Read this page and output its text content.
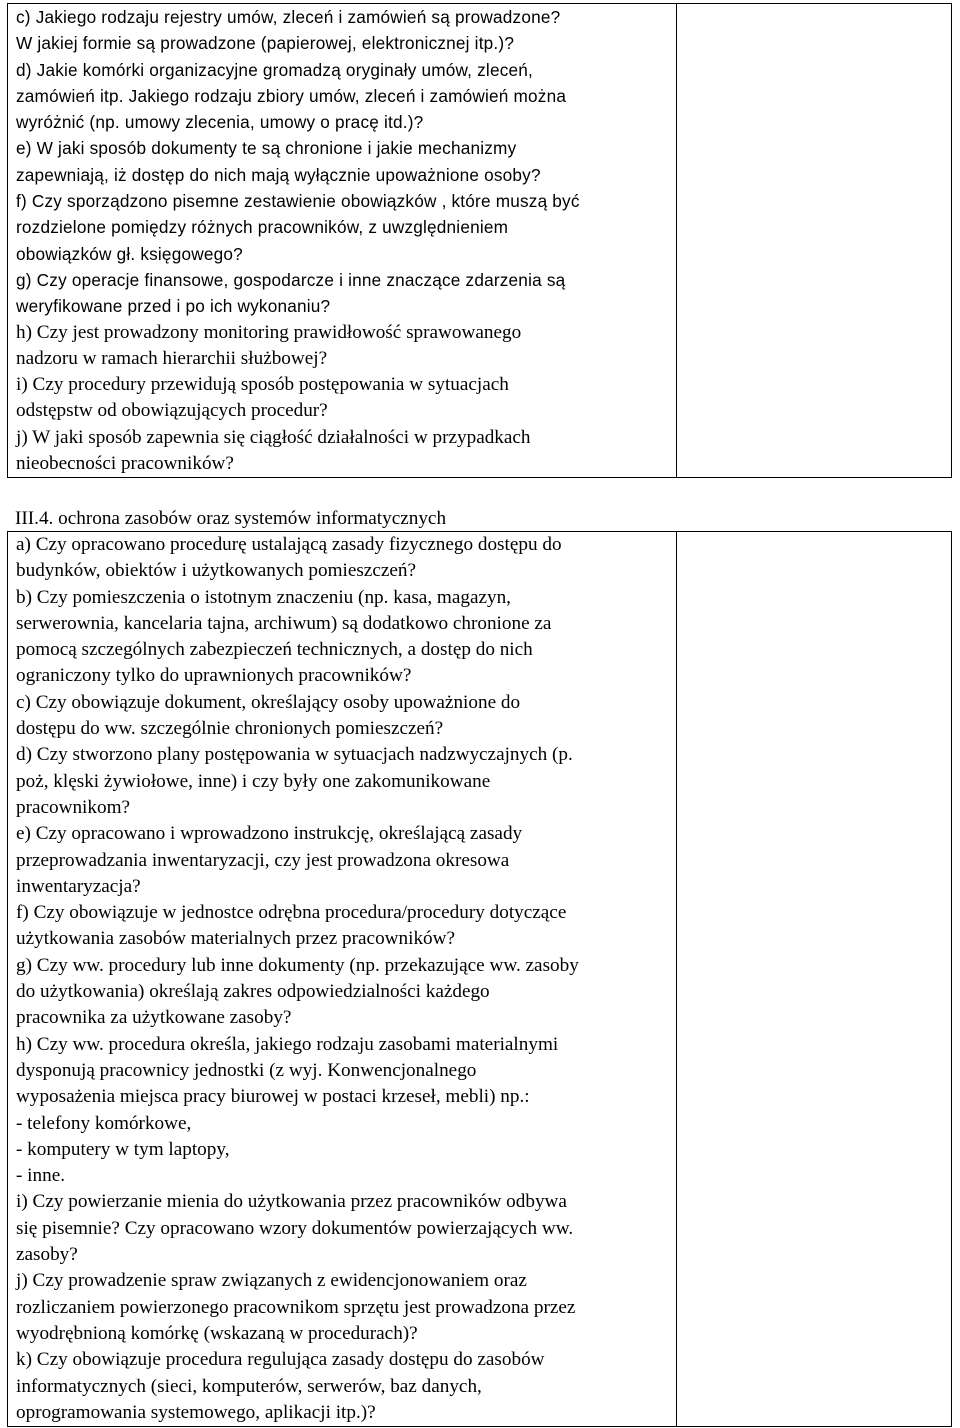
c) Jakiego rodzaju rejestry umów, zleceń i zamówień są prowadzone?
W jakiej formie są prowadzone (papierowej, elektronicznej itp.)?
d) Jakie komórki organizacyjne gromadzą oryginały umów, zleceń,
zamówień itp. Jakiego rodzaju zbiory umów, zleceń i zamówień można
wyróżnić (np. umowy zlecenia, umowy o pracę itd.)?
e) W jaki sposób dokumenty te są chronione i jakie mechanizmy
zapewniają, iż dostęp do nich mają wyłącznie upoważnione osoby?
f) Czy sporządzono pisemne zestawienie obowiązków , które muszą być
rozdzielone pomiędzy różnych pracowników, z uwzględnieniem
obowiązków gł. księgowego?
g) Czy operacje finansowe, gospodarcze i inne znaczące zdarzenia są
weryfikowane przed i po ich wykonaniu?
h) Czy jest prowadzony monitoring prawidłowość sprawowanego
nadzoru w ramach hierarchii służbowej?
i) Czy procedury przewidują sposób postępowania w sytuacjach
odstępstw od obowiązujących procedur?
j) W jaki sposób zapewnia się ciągłość działalności w przypadkach
nieobecności pracowników?

III.4. ochrona zasobów oraz systemów informatycznych
a) Czy opracowano procedurę ustalającą zasady fizycznego dostępu do
budynków, obiektów i użytkowanych pomieszczeń?
b) Czy pomieszczenia o istotnym znaczeniu (np. kasa, magazyn,
serwerownia, kancelaria tajna, archiwum) są dodatkowo chronione za
pomocą szczególnych zabezpieczeń technicznych, a dostęp do nich
ograniczony tylko do uprawnionych pracowników?
c) Czy obowiązuje dokument, określający osoby upoważnione do
dostępu do ww. szczególnie chronionych pomieszczeń?
d) Czy stworzono plany postępowania w sytuacjach nadzwyczajnych (p.
poż, klęski żywiołowe, inne) i czy były one zakomunikowane
pracownikom?
e) Czy opracowano i wprowadzono instrukcję, określającą zasady
przeprowadzania inwentaryzacji, czy jest prowadzona okresowa
inwentaryzacja?
f) Czy obowiązuje w jednostce odrębna procedura/procedury dotyczące
użytkowania zasobów materialnych przez pracowników?
g) Czy ww. procedury lub inne dokumenty (np. przekazujące ww. zasoby
do użytkowania) określają zakres odpowiedzialności każdego
pracownika za użytkowane zasoby?
h) Czy ww. procedura określa, jakiego rodzaju zasobami materialnymi
dysponują pracownicy jednostki (z wyj. Konwencjonalnego
wyposażenia miejsca pracy biurowej w postaci krzeseł, mebli) np.:
- telefony komórkowe,
- komputery w tym laptopy,
- inne.
i) Czy powierzanie mienia do użytkowania przez pracowników odbywa
się pisemnie? Czy opracowano wzory dokumentów powierzających ww.
zasoby?
j) Czy prowadzenie spraw związanych z ewidencjonowaniem oraz
rozliczaniem powierzonego pracownikom sprzętu jest prowadzona przez
wyodrębnioną komórkę (wskazaną w procedurach)?
k) Czy obowiązuje procedura regulująca zasady dostępu do zasobów
informatycznych (sieci, komputerów, serwerów, baz danych,
oprogramowania systemowego, aplikacji itp.)?
